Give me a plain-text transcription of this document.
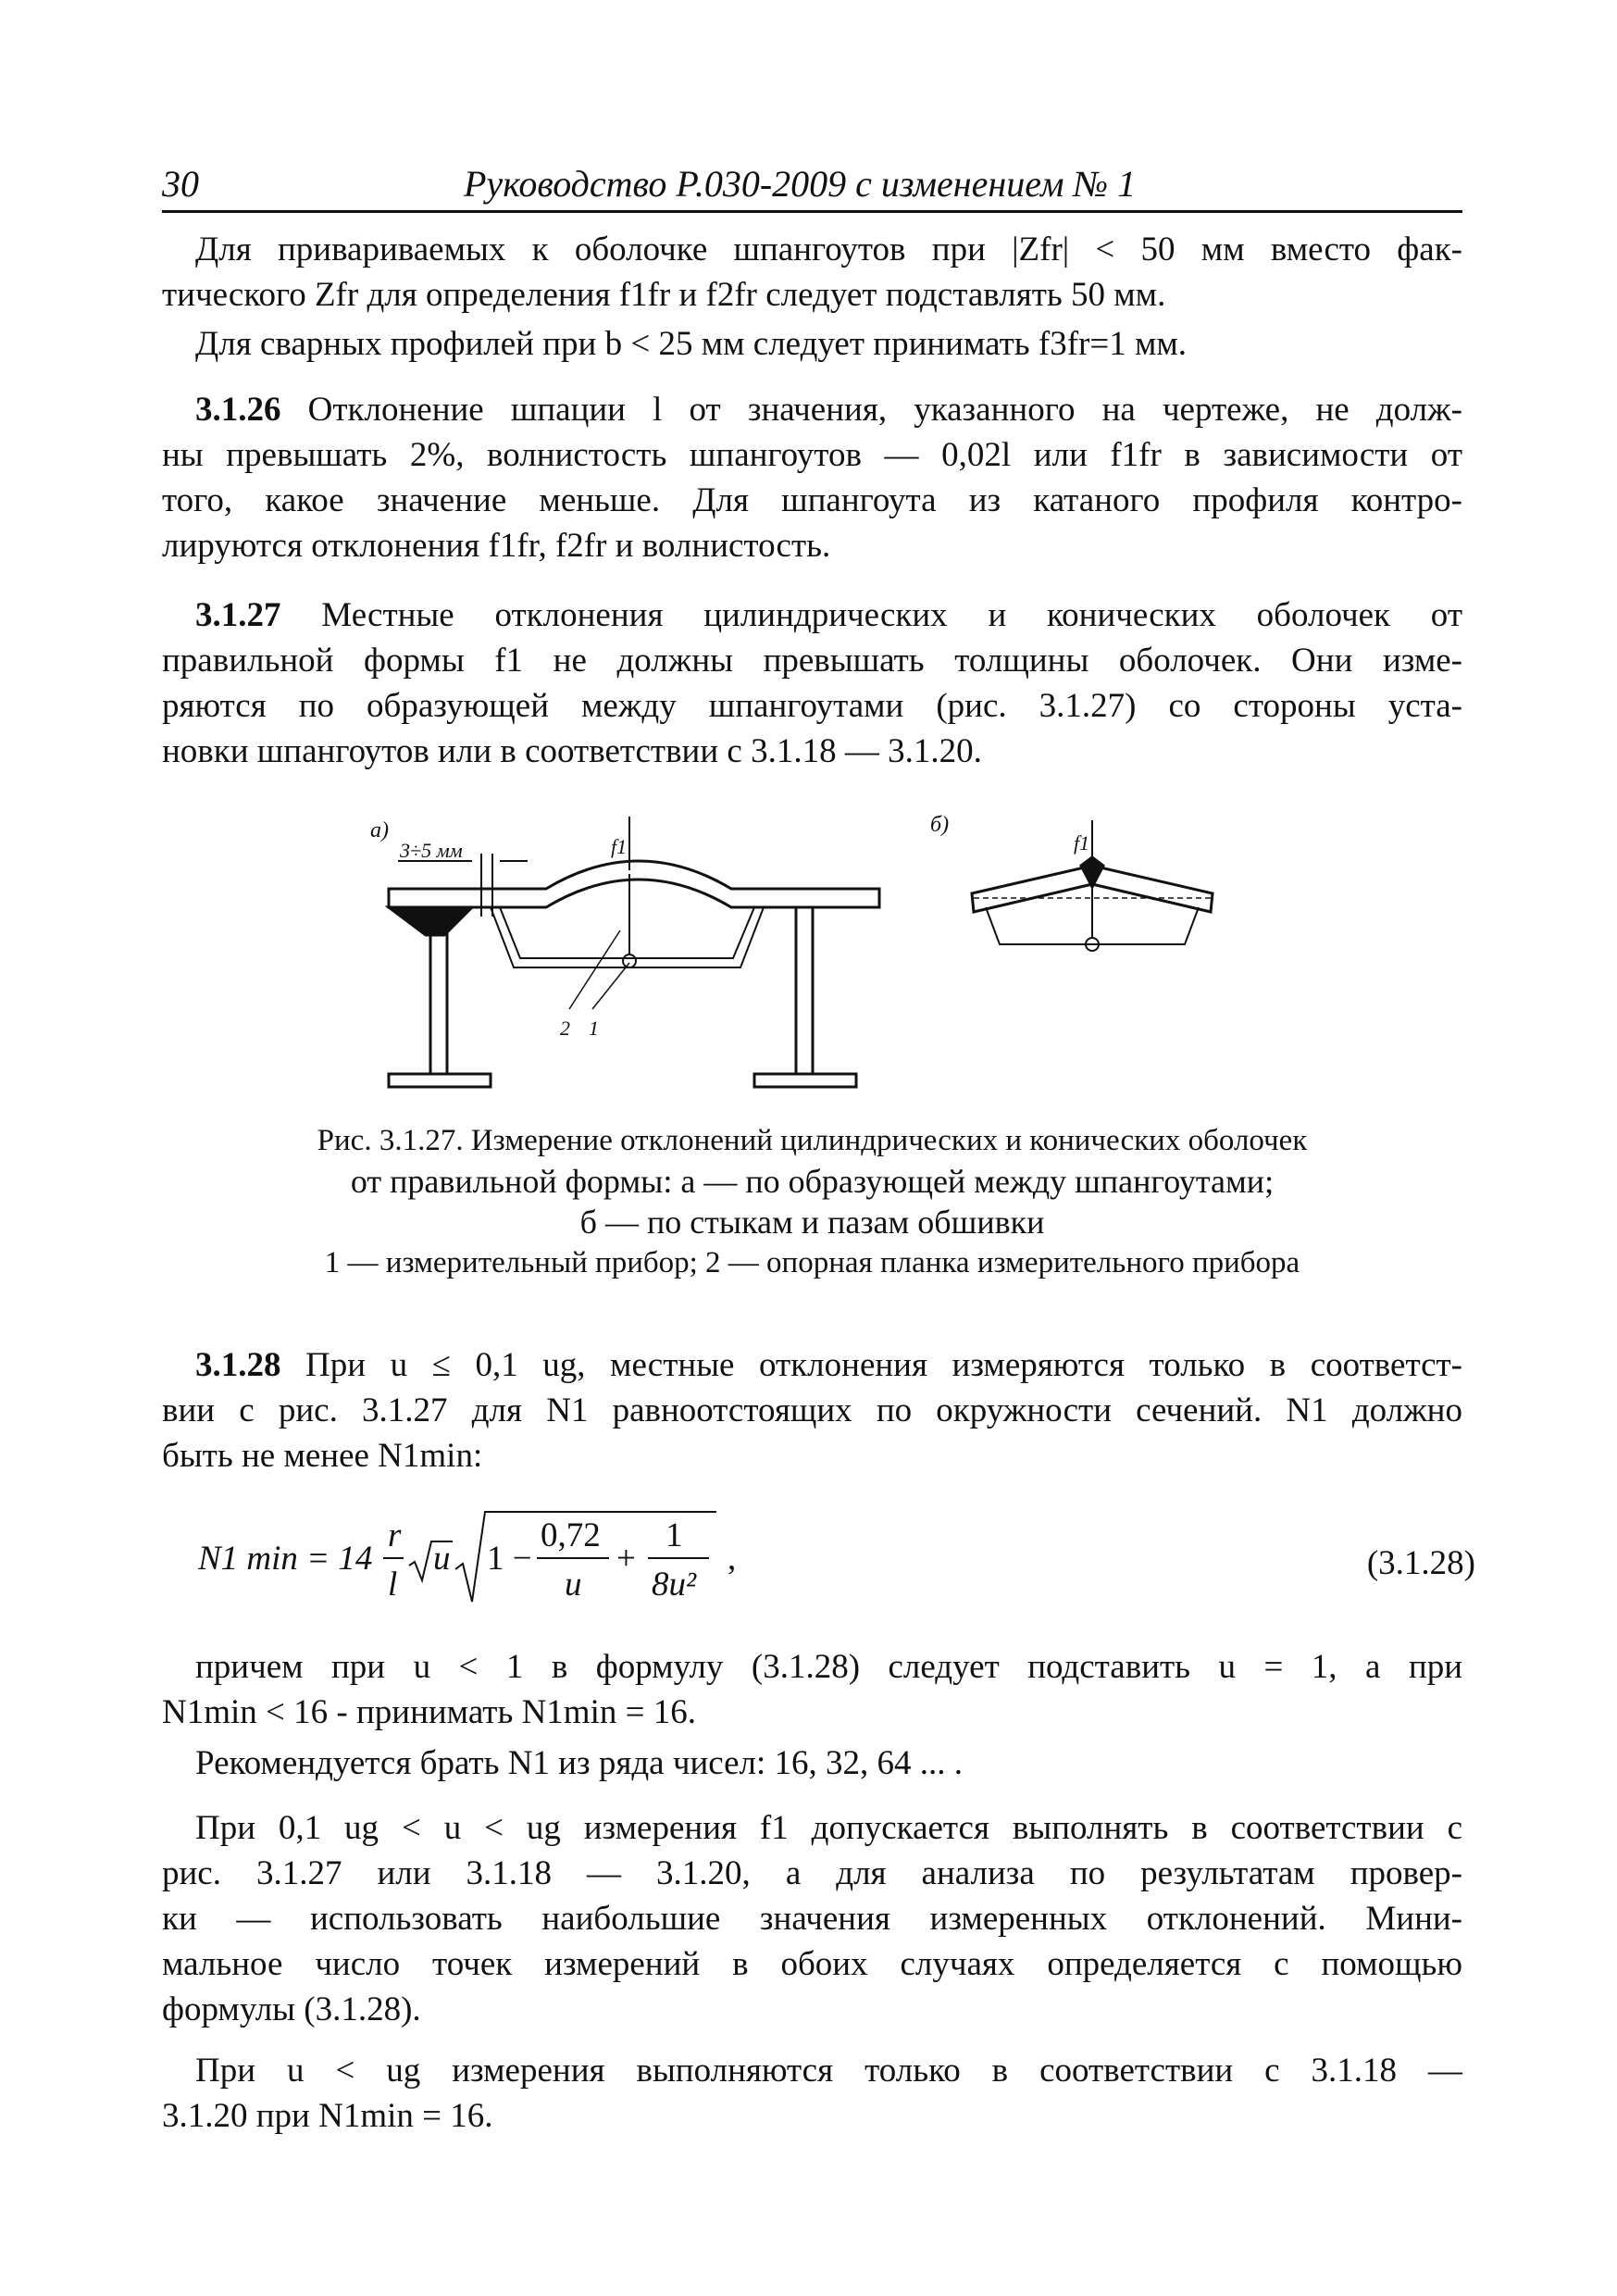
30	Руководство Р.030-2009 с изменением № 1
Для привариваемых к оболочке шпангоутов при |Zfr| < 50 мм вместо фак-
тического Zfr для определения f1fr и f2fr следует подставлять 50 мм.
Для сварных профилей при b < 25 мм следует принимать f3fr=1 мм.
3.1.26 Отклонение шпации l от значения, указанного на чертеже, не долж-
ны превышать 2%, волнистость шпангоутов — 0,02l или f1fr в зависимости от
того, какое значение меньше. Для шпангоута из катаного профиля контро-
лируются отклонения f1fr, f2fr и волнистость.
3.1.27 Местные отклонения цилиндрических и конических оболочек от
правильной формы f1 не должны превышать толщины оболочек. Они изме-
ряются по образующей между шпангоутами (рис. 3.1.27) со стороны уста-
новки шпангоутов или в соответствии с 3.1.18 — 3.1.20.
а)
3÷5 мм	f1
2 1
б)
f1
Рис. 3.1.27. Измерение отклонений цилиндрических и конических оболочек
от правильной формы: а — по образующей между шпангоутами;
б — по стыкам и пазам обшивки
1 — измерительный прибор; 2 — опорная планка измерительного прибора
3.1.28 При u ≤ 0,1 ug, местные отклонения измеряются только в соответст-
вии с рис. 3.1.27 для N1 равноотстоящих по окружности сечений. N1 должно
быть не менее N1min:
N1 min = 14
r
l
u 1 −
0,72
u
+
1
8u²
,	(3.1.28)
причем при u < 1 в формулу (3.1.28) следует подставить u = 1, а при
N1min < 16 - принимать N1min = 16.
Рекомендуется брать N1 из ряда чисел: 16, 32, 64 ... .
При 0,1 ug < u < ug измерения f1 допускается выполнять в соответствии с
рис. 3.1.27 или 3.1.18 — 3.1.20, а для анализа по результатам провер-
ки — использовать наибольшие значения измеренных отклонений. Мини-
мальное число точек измерений в обоих случаях определяется с помощью
формулы (3.1.28).
При u < ug измерения выполняются только в соответствии с 3.1.18 —
3.1.20 при N1min = 16.
